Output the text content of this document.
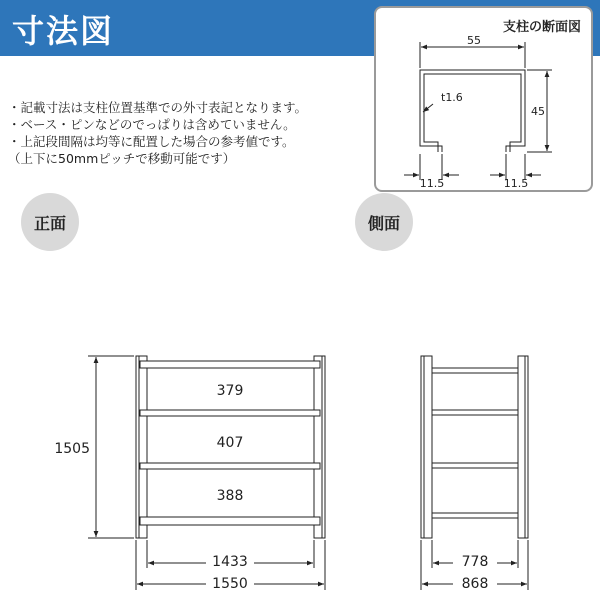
寸法図
・記載寸法は支柱位置基準での外寸表記となります。
・ベース・ピンなどのでっぱりは含めていません。
・上記段間隔は均等に配置した場合の参考値です。
（上下に50mmピッチで移動可能です）
支柱の断面図
正面	側面
55
45
t1.6
11.5	11.5
379
407
388
1505
1433
1550
778
868
